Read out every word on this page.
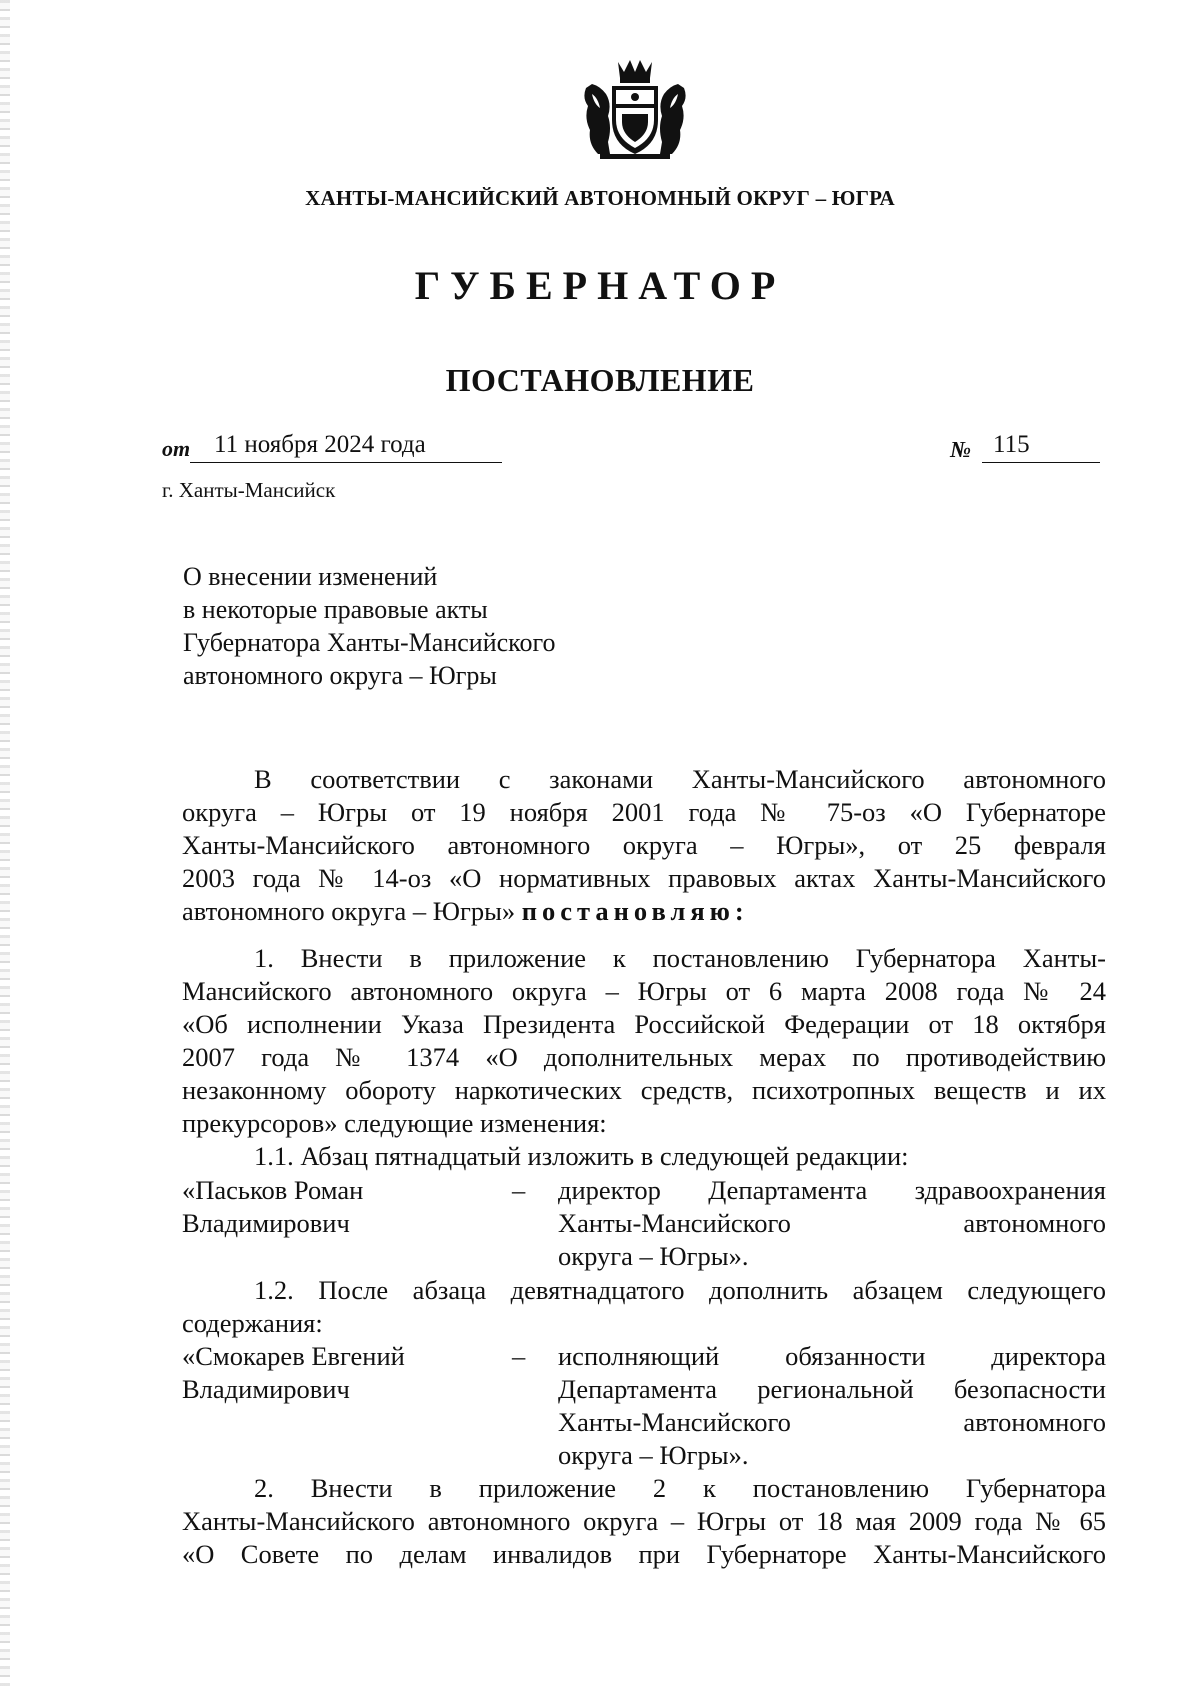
ХАНТЫ-МАНСИЙСКИЙ АВТОНОМНЫЙ ОКРУГ – ЮГРА
ГУБЕРНАТОР
ПОСТАНОВЛЕНИЕ
от 11 ноября 2024 года	№ 115
г. Ханты-Мансийск
О внесении изменений
в некоторые правовые акты
Губернатора Ханты-Мансийского
автономного округа – Югры
В соответствии с законами Ханты-Мансийского автономного
округа – Югры от 19 ноября 2001 года № 75-оз «О Губернаторе
Ханты-Мансийского автономного округа – Югры», от 25 февраля
2003 года № 14-оз «О нормативных правовых актах Ханты-Мансийского
автономного округа – Югры» постановляю:
1. Внести в приложение к постановлению Губернатора Ханты-
Мансийского автономного округа – Югры от 6 марта 2008 года № 24
«Об исполнении Указа Президента Российской Федерации от 18 октября
2007 года № 1374 «О дополнительных мерах по противодействию
незаконному обороту наркотических средств, психотропных веществ и их
прекурсоров» следующие изменения:
1.1. Абзац пятнадцатый изложить в следующей редакции:
«Паськов Роман
Владимирович
– директор Департамента здравоохранения
Ханты-Мансийского автономного
округа – Югры».
1.2. После абзаца девятнадцатого дополнить абзацем следующего
содержания:
«Смокарев Евгений
Владимирович
– исполняющий обязанности директора
Департамента региональной безопасности
Ханты-Мансийского автономного
округа – Югры».
2. Внести в приложение 2 к постановлению Губернатора
Ханты-Мансийского автономного округа – Югры от 18 мая 2009 года № 65
«О Совете по делам инвалидов при Губернаторе Ханты-Мансийского
